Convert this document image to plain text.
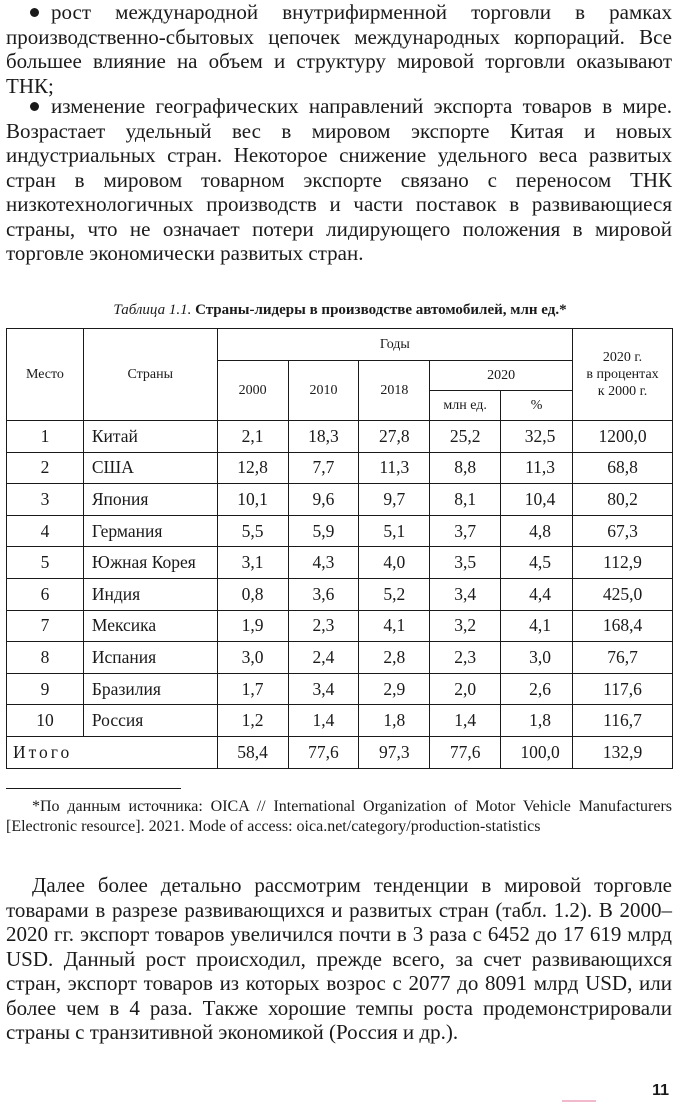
рост международной внутрифирменной торговли в рамках производственно-сбытовых цепочек международных корпораций. Все большее влияние на объем и структуру мировой торговли оказывают ТНК;

изменение географических направлений экспорта товаров в мире. Возрастает удельный вес в мировом экспорте Китая и новых индустриальных стран. Некоторое снижение удельного веса развитых стран в мировом товарном экспорте связано с переносом ТНК низкотехнологичных производств и части поставок в развивающиеся страны, что не означает потери лидирующего положения в мировой торговле экономически развитых стран.

Таблица 1.1. Страны-лидеры в производстве автомобилей, млн ед.*
Место	Страны	Годы					2020 г.
в процентах
к 2000 г.
		2000	2010	2018	2020		
					млн ед.	%	
1	Китай	2,1	18,3	27,8	25,2	32,5	1200,0
2	США	12,8	7,7	11,3	8,8	11,3	68,8
3	Япония	10,1	9,6	9,7	8,1	10,4	80,2
4	Германия	5,5	5,9	5,1	3,7	4,8	67,3
5	Южная Корея	3,1	4,3	4,0	3,5	4,5	112,9
6	Индия	0,8	3,6	5,2	3,4	4,4	425,0
7	Мексика	1,9	2,3	4,1	3,2	4,1	168,4
8	Испания	3,0	2,4	2,8	2,3	3,0	76,7
9	Бразилия	1,7	3,4	2,9	2,0	2,6	117,6
10	Россия	1,2	1,4	1,8	1,4	1,8	116,7
Итого		58,4	77,6	97,3	77,6	100,0	132,9

*По данным источника: OICA // International Organization of Motor Vehicle Manufacturers [Electronic resource]. 2021. Mode of access: oica.net/category/production-statistics

Далее более детально рассмотрим тенденции в мировой торговле товарами в разрезе развивающихся и развитых стран (табл. 1.2). В 2000–2020 гг. экспорт товаров увеличился почти в 3 раза с 6452 до 17 619 млрд USD. Данный рост происходил, прежде всего, за счет развивающихся стран, экспорт товаров из которых возрос с 2077 до 8091 млрд USD, или более чем в 4 раза. Также хорошие темпы роста продемонстрировали страны с транзитивной экономикой (Россия и др.).

11
